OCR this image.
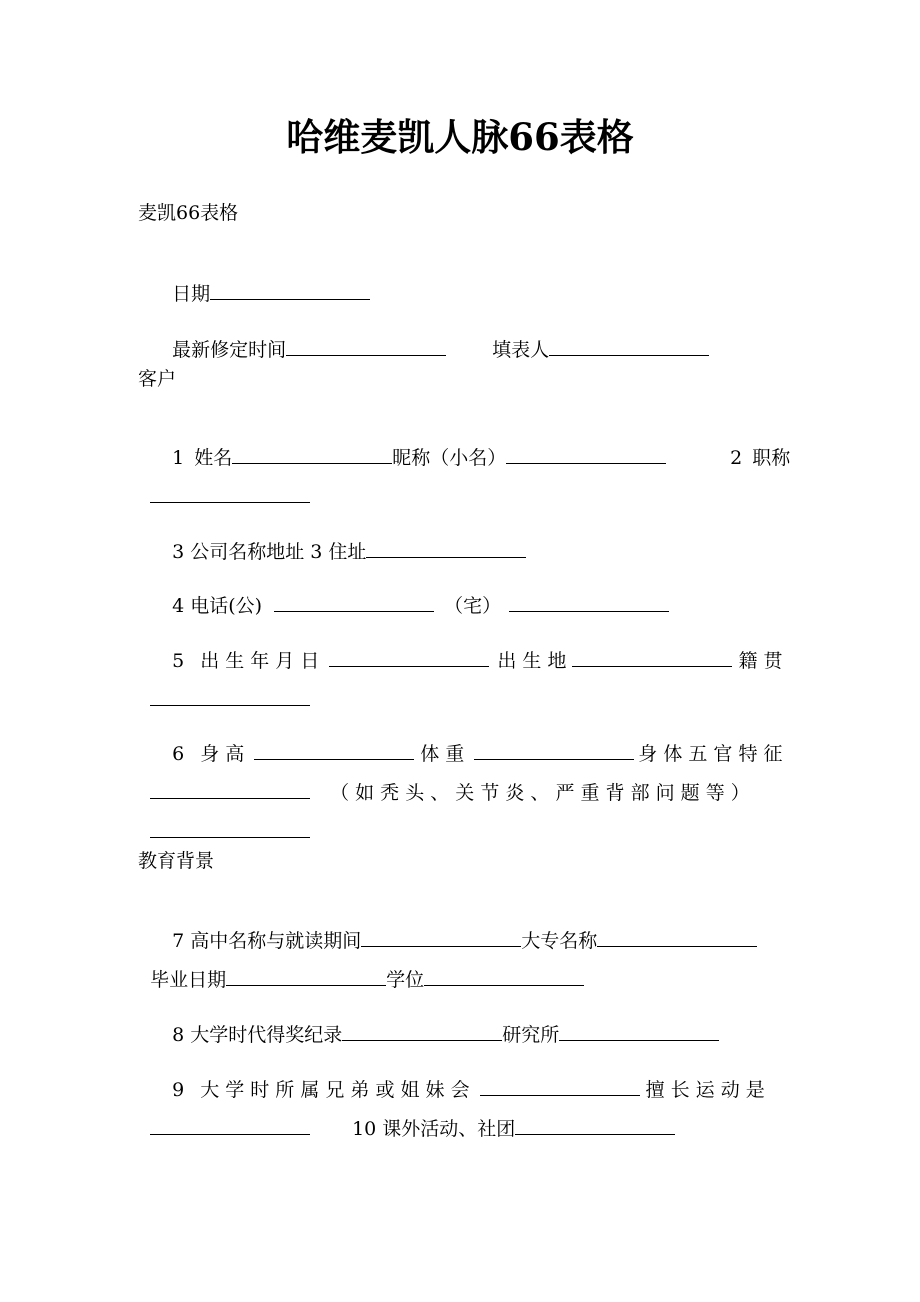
哈维麦凯人脉66表格
麦凯66表格

日期

最新修定时间	填表人

客户

1 姓名	昵称（小名）	2 职称

3 公司名称地址 3 住址

4 电话(公)	（宅）

5 出 生 年 月 日	出 生 地	籍 贯

6 身 高	体 重	身 体 五 官 特 征

（ 如 秃 头 、 关 节 炎 、 严 重 背 部 问 题 等 ）

教育背景

7 高中名称与就读期间	大专名称

毕业日期	学位

8 大学时代得奖纪录	研究所

9 大 学 时 所 属 兄 弟 或 姐 妹 会	擅 长 运 动 是

10 课外活动、社团
